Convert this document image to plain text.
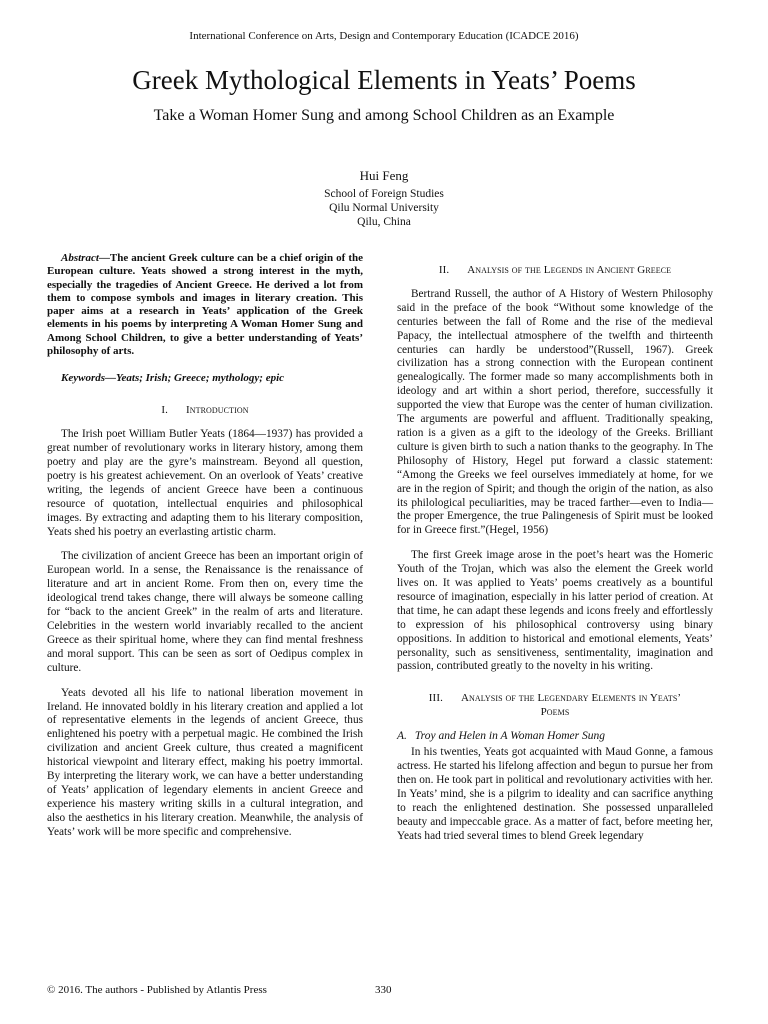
International Conference on Arts, Design and Contemporary Education (ICADCE 2016)
Greek Mythological Elements in Yeats’ Poems
Take a Woman Homer Sung and among School Children as an Example
Hui Feng
School of Foreign Studies
Qilu Normal University
Qilu, China

Abstract—The ancient Greek culture can be a chief origin of the European culture. Yeats showed a strong interest in the myth, especially the tragedies of Ancient Greece. He derived a lot from them to compose symbols and images in literary creation. This paper aims at a research in Yeats’ application of the Greek elements in his poems by interpreting A Woman Homer Sung and Among School Children, to give a better understanding of Yeats’ philosophy of arts.

Keywords—Yeats; Irish; Greece; mythology; epic

I. Introduction

The Irish poet William Butler Yeats (1864—1937) has provided a great number of revolutionary works in literary history, among them poetry and play are the gyre’s mainstream. Beyond all question, poetry is his greatest achievement. On an overlook of Yeats’ creative writing, the legends of ancient Greece have been a continuous resource of quotation, intellectual enquiries and philosophical images. By extracting and adapting them to his literary composition, Yeats shed his poetry an everlasting artistic charm.

The civilization of ancient Greece has been an important origin of European world. In a sense, the Renaissance is the renaissance of literature and art in ancient Rome. From then on, every time the ideological trend takes change, there will always be someone calling for “back to the ancient Greek” in the realm of arts and literature. Celebrities in the western world invariably recalled to the ancient Greece as their spiritual home, where they can find mental freshness and moral support. This can be seen as sort of Oedipus complex in culture.

Yeats devoted all his life to national liberation movement in Ireland. He innovated boldly in his literary creation and applied a lot of representative elements in the legends of ancient Greece, thus enlightened his poetry with a perpetual magic. He combined the Irish civilization and ancient Greek culture, thus created a magnificent historical viewpoint and literary effect, making his poetry immortal. By interpreting the literary work, we can have a better understanding of Yeats’ application of legendary elements in ancient Greece and experience his mastery writing skills in a cultural integration, and also the aesthetics in his literary creation. Meanwhile, the analysis of Yeats’ work will be more specific and comprehensive.

II. Analysis of the Legends in Ancient Greece

Bertrand Russell, the author of A History of Western Philosophy said in the preface of the book “Without some knowledge of the centuries between the fall of Rome and the rise of the medieval Papacy, the intellectual atmosphere of the twelfth and thirteenth centuries can hardly be understood”(Russell, 1967). Greek civilization has a strong connection with the European continent genealogically. The former made so many accomplishments both in ideology and art within a short period, therefore, successfully it supported the view that Europe was the center of human civilization. The arguments are powerful and affluent. Traditionally speaking, ration is a given as a gift to the ideology of the Greeks. Brilliant culture is given birth to such a nation thanks to the geography. In The Philosophy of History, Hegel put forward a classic statement: “Among the Greeks we feel ourselves immediately at home, for we are in the region of Spirit; and though the origin of the nation, as also its philological peculiarities, may be traced farther—even to India—the proper Emergence, the true Palingenesis of Spirit must be looked for in Greece first.”(Hegel, 1956)

The first Greek image arose in the poet’s heart was the Homeric Youth of the Trojan, which was also the element the Greek world lives on. It was applied to Yeats’ poems creatively as a bountiful resource of imagination, especially in his latter period of creation. At that time, he can adapt these legends and icons freely and effortlessly to expression of his philosophical controversy using binary oppositions. In addition to historical and emotional elements, Yeats’ personality, such as sensitiveness, sentimentality, imagination and passion, contributed greatly to the novelty in his writing.

III. Analysis of the Legendary Elements in Yeats’
Poems
A. Troy and Helen in A Woman Homer Sung

In his twenties, Yeats got acquainted with Maud Gonne, a famous actress. He started his lifelong affection and begun to pursue her from then on. He took part in political and revolutionary activities with her. In Yeats’ mind, she is a pilgrim to ideality and can sacrifice anything to reach the enlightened destination. She possessed unparalleled beauty and impeccable grace. As a matter of fact, before meeting her, Yeats had tried several times to blend Greek legendary

© 2016. The authors - Published by Atlantis Press	330
